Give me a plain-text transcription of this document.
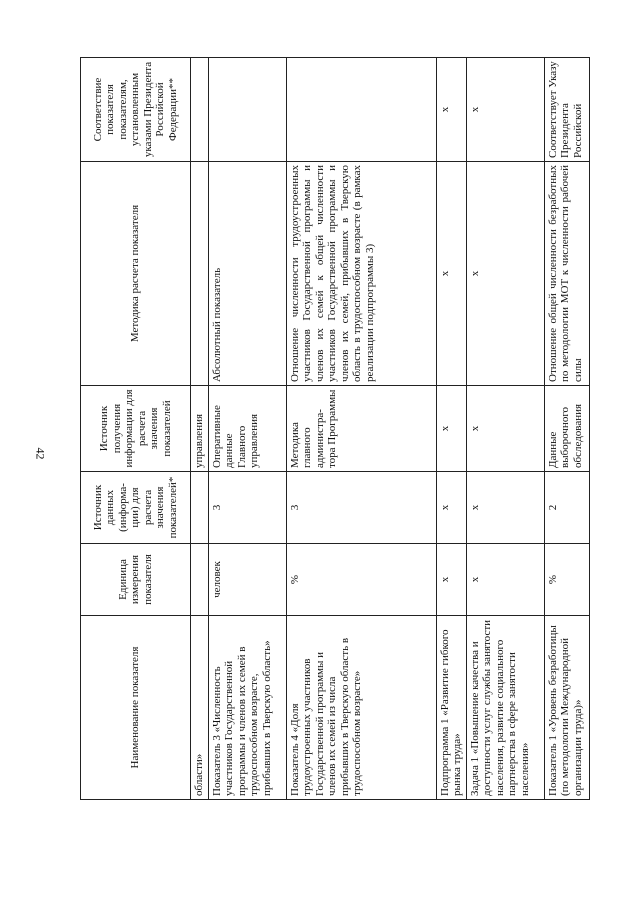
42
Наименование показателя	Единица измерения показателя	Источник данных (информа-ции) для расчета значения показателей*	Источник получения информации для расчета значения показателей	Методика расчета показателя	Соответствие показателя показателям, установленным указами Президента Российской Федерации**
области»			управления		
Показатель 3 «Численность участников Государственной программы и членов их семей в трудоспособном возрасте, прибывших в Тверскую область»	человек	3	Оперативные данные Главного управления	Абсолютный показатель	
Показатель 4 «Доля трудоустроенных участников Государственной программы и членов их семей из числа прибывших в Тверскую область в трудоспособном возрасте»	%	3	Методика главного администра-тора Программы	Отношение численности трудоустроенных участников Государственной программы и членов их семей к общей численности участников Государственной программы и членов их семей, прибывших в Тверскую область в трудоспособном возрасте (в рамках реализации подпрограммы 3)	
Подпрограмма 1 «Развитие гибкого рынка труда»	х	х	х	х	х
Задача 1 «Повышение качества и доступности услуг службы занятости населения, развитие социального партнерства в сфере занятости населения»	х	х	х	х	х
Показатель 1 «Уровень безработицы (по методологии Международной организации труда)»	%	2	Данные выборочного обследования	Отношение общей численности безработных по методологии МОТ к численности рабочей силы	Соответствует Указу Президента Российской
